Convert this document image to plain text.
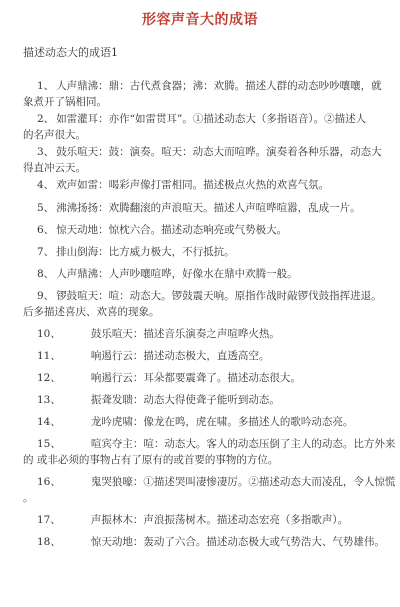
形容声音大的成语
描述动态大的成语1
1、 人声鼎沸：鼎：古代煮食器；沸：欢腾。描述人群的动态吵吵嚷嚷，就
象煮开了锅相同。
2、 如雷灌耳：亦作“如雷贯耳”。①描述动态大（多指语音）。②描述人
的名声很大。
3、 鼓乐喧天：鼓：演奏。喧天：动态大而喧哗。演奏着各种乐器，动态大
得直冲云天。
4、 欢声如雷：喝彩声像打雷相同。描述极点火热的欢喜气氛。
5、 沸沸扬扬：欢腾翻滚的声浪喧天。描述人声喧哗喧嚣，乱成一片。
6、 惊天动地：惊枕六合。描述动态响亮或气势极大。
7、 排山倒海：比方威力极大，不行抵抗。
8、 人声鼎沸：人声吵嚷喧哗，好像水在鼎中欢腾一般。
9、 锣鼓喧天：喧：动态大。锣鼓震天响。原指作战时敲锣伐鼓指挥进退。
后多描述喜庆、欢喜的现象。
10、	鼓乐喧天：描述音乐演奏之声喧哗火热。
11、	响遏行云：描述动态极大，直透高空。
12、	响遏行云：耳朵都要震聋了。描述动态很大。
13、	振聋发聩：动态大得使聋子能听到动态。
14、	龙吟虎啸：像龙在鸣，虎在啸。多描述人的歌吟动态亮。
15、	喧宾夺主：喧：动态大。客人的动态压倒了主人的动态。比方外来
的 或非必须的事物占有了原有的或首要的事物的方位。
16、	鬼哭狼嚎：①描述哭叫凄惨凄厉。②描述动态大而凌乱，令人惊慌
。
17、	声振林木：声浪振荡树木。描述动态宏亮（多指歌声）。
18、	惊天动地：轰动了六合。描述动态极大或气势浩大、气势雄伟。
